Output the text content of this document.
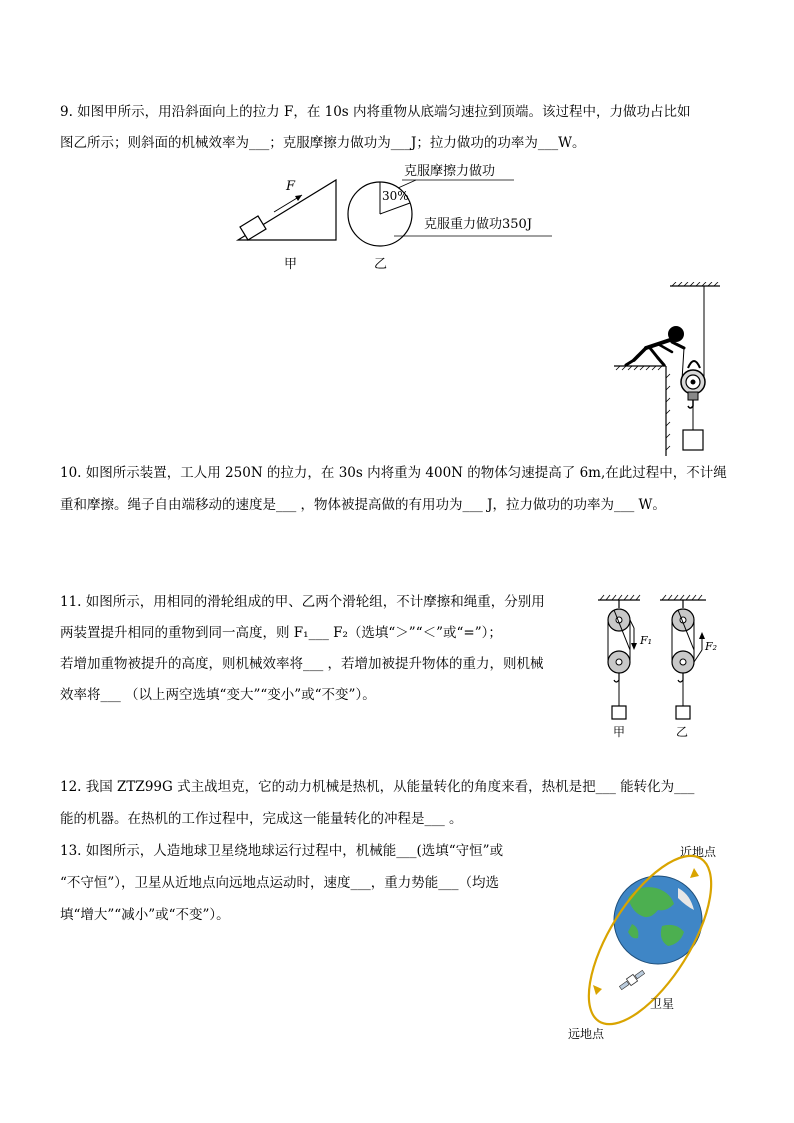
9. 如图甲所示，用沿斜面向上的拉力 F，在 10s 内将重物从底端匀速拉到顶端。该过程中，力做功占比如
图乙所示；则斜面的机械效率为___；克服摩擦力做功为___J；拉力做功的功率为___W。
F
甲
30%
克服摩擦力做功
克服重力做功350J
乙
10. 如图所示装置，工人用 250N 的拉力，在 30s 内将重为 400N 的物体匀速提高了 6m,在此过程中，不计绳
重和摩擦。绳子自由端移动的速度是___ ，物体被提高做的有用功为___ J，拉力做功的功率为___ W。
11. 如图所示，用相同的滑轮组成的甲、乙两个滑轮组，不计摩擦和绳重，分别用
两装置提升相同的重物到同一高度，则 F₁___ F₂（选填“＞”“＜”或“=”）；
若增加重物被提升的高度，则机械效率将___ ，若增加被提升物体的重力，则机械
效率将___ （以上两空选填“变大”“变小”或“不变”）。
F₁
甲
F₂
乙
12. 我国 ZTZ99G 式主战坦克，它的动力机械是热机，从能量转化的角度来看，热机是把___ 能转化为___
能的机器。在热机的工作过程中，完成这一能量转化的冲程是___ 。
13. 如图所示，人造地球卫星绕地球运行过程中，机械能___(选填“守恒”或
“不守恒”），卫星从近地点向远地点运动时，速度___，重力势能___（均选
填“增大”“减小”或“不变”）。
近地点
卫星
远地点
